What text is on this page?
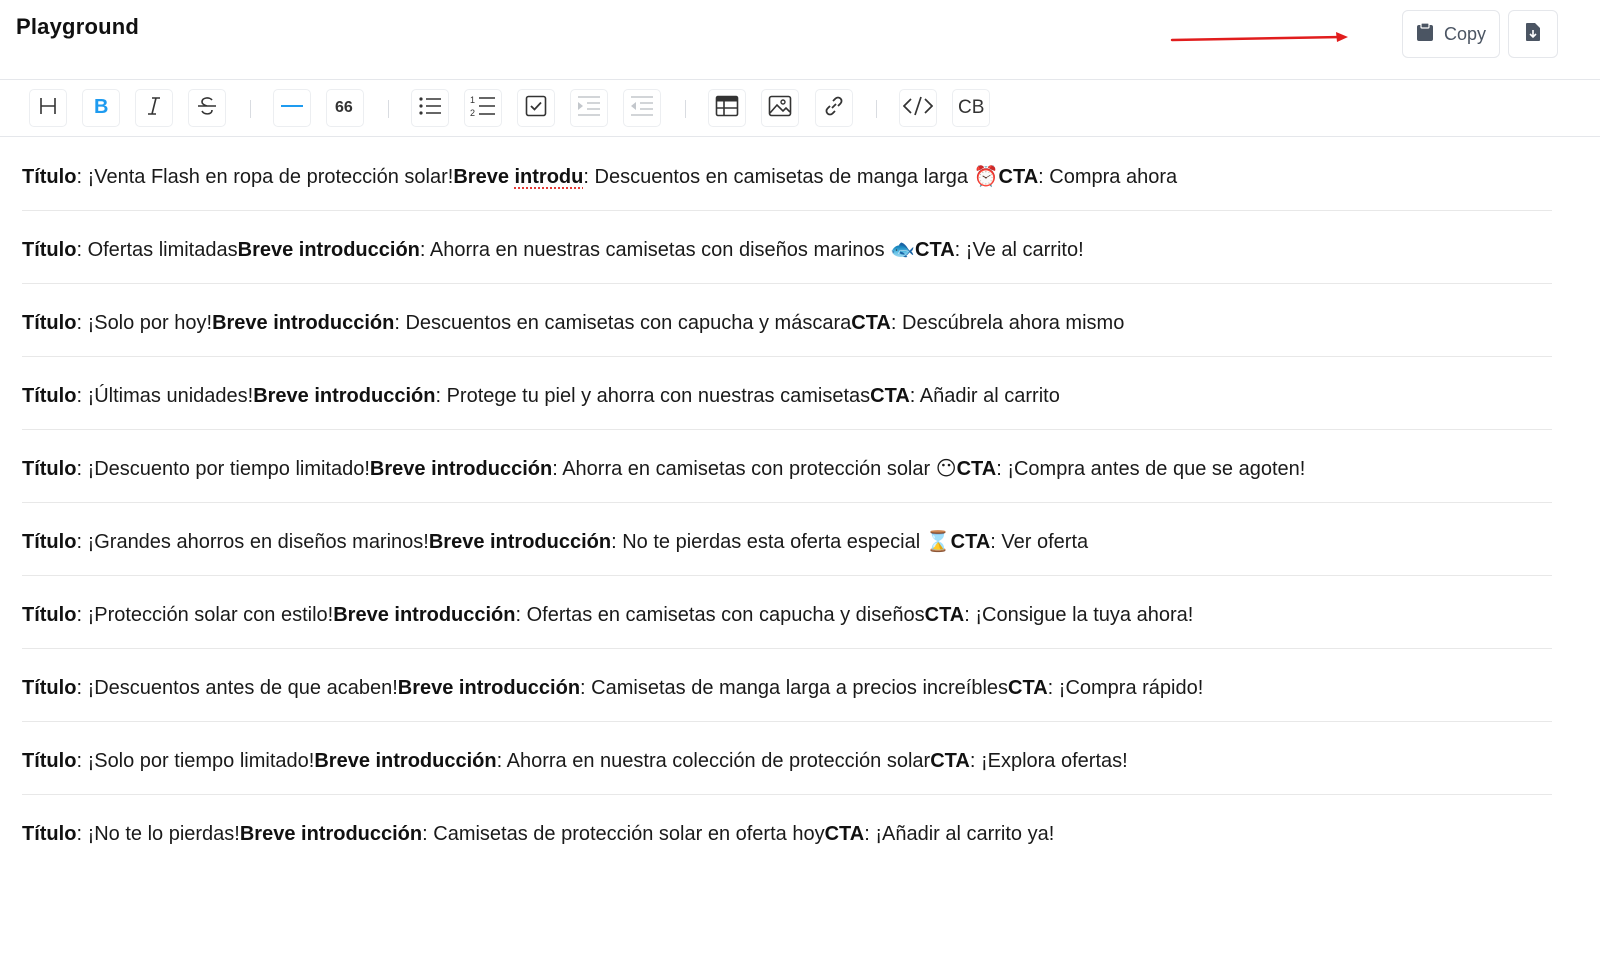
Playground	Copy
B	66	1
2	CB
Título: ¡Venta Flash en ropa de protección solar!Breve introdu: Descuentos en camisetas de manga larga ⏰CTA: Compra ahora
Título: Ofertas limitadasBreve introducción: Ahorra en nuestras camisetas con diseños marinos 🐟CTA: ¡Ve al carrito!
Título: ¡Solo por hoy!Breve introducción: Descuentos en camisetas con capucha y máscaraCTA: Descúbrela ahora mismo
Título: ¡Últimas unidades!Breve introducción: Protege tu piel y ahorra con nuestras camisetasCTA: Añadir al carrito
Título: ¡Descuento por tiempo limitado!Breve introducción: Ahorra en camisetas con protección solar 😶CTA: ¡Compra antes de que se agoten!
Título: ¡Grandes ahorros en diseños marinos!Breve introducción: No te pierdas esta oferta especial ⌛CTA: Ver oferta
Título: ¡Protección solar con estilo!Breve introducción: Ofertas en camisetas con capucha y diseñosCTA: ¡Consigue la tuya ahora!
Título: ¡Descuentos antes de que acaben!Breve introducción: Camisetas de manga larga a precios increíblesCTA: ¡Compra rápido!
Título: ¡Solo por tiempo limitado!Breve introducción: Ahorra en nuestra colección de protección solarCTA: ¡Explora ofertas!
Título: ¡No te lo pierdas!Breve introducción: Camisetas de protección solar en oferta hoyCTA: ¡Añadir al carrito ya!
